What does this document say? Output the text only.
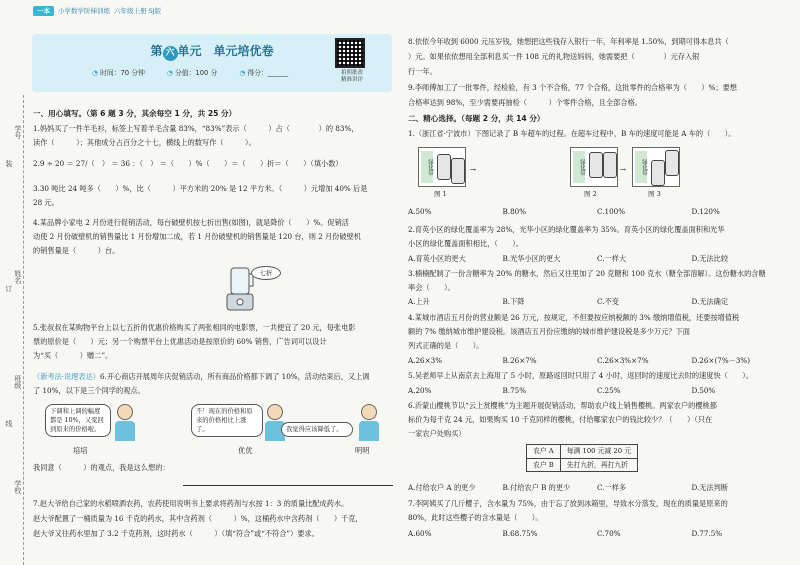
一本	小学数学阶梯训练 六年级上册 SJ版
第 六 单元　单元培优卷
◔ 时间：70 分钟	◔ 分值：100 分	◔ 得分：______	拍照批改
精准讲评
学号
姓名
班级
学校
装
订
线
一、用心填写。（第 6 题 3 分，其余每空 1 分，共 25 分）
1.妈妈买了一件羊毛衫，标签上写着羊毛含量 83%，“83%”表示（　　　）占（　　　　）的 83%，
读作（　　　）；其他成分占百分之十七，横线上的数写作（　　　）。
2.9 ÷ 20 ＝ 27/（　） ＝ 36 ：（　） ＝（　　）%（　　）＝（　　）折＝（　　）（填小数）
3.30 吨比 24 吨多（　　）%，比（　　　）平方米的 20% 是 12 平方米。（　　　）元增加 40% 后是
28 元。
4.某品牌小家电 2 月份进行促销活动，每台破壁机按七折出售(如图)，就是降价（　　）%。促销活
动使 2 月份破壁机的销售量比 1 月份增加二成，若 1 月份破壁机的销售量是 120 台，则 2 月份破壁机
的销售量是（　　　）台。
七折
5.张叔叔在某购物平台上以七五折的优惠价格购买了两张相同的电影票，一共便宜了 20 元，每张电影
票的原价是（　　）元；另一个购票平台上优惠活动是按原价的 60% 销售，广告词可以设计
为“买（　　　）赠二”。
（新考法·说理表达）6.开心商店开展周年庆促销活动，所有商品价格都下调了 10%，活动结束后，又上调
了 10%，以下是三个同学的观点。
下调和上调的幅度都是 10%，又变回到原来的价格啦。
不！现在的价格和原来的价格相比上涨了。	我觉得应该降低了。
培培	优优	明明
我同意（　　　）的观点，我是这么想的：
7.赵大爷给自己家的水稻喷洒农药，农药使用说明书上要求将药剂与水按 1：3 的质量比配成药水。
赵大爷配置了一桶质量为 16 千克的药水，其中含药剂（　　　）%，这桶药水中含药剂（　　）千克，
赵大爷又往药水里加了 3.2 千克药剂，这时药水（　　　）（填“符合”或“不符合”）要求。
8.依依今年收到 6000 元压岁钱，她想把这些钱存入银行一年，年利率是 1.50%，到期可得本息共（　　
）元。如果依依想用全部利息买一件 108 元的礼物送妈妈，她需要把（　　　　）元存入银
行一年。
9.李师傅加工了一批零件，经检验，有 3 个不合格，77 个合格，这批零件的合格率为（　　）%；要想
合格率达到 98%，至少需要再抽检（　　　）个零件合格，且全部合格。
二、精心选择。（每题 2 分，共 14 分）
1.（浙江省·宁波市）下图记录了 B 车超车的过程。在超车过程中，B 车的速度可能是 A 车的（　　）。
绿化带	→	绿化带	→	绿化带
图 1	图 2	图 3
A.50%	B.80%	C.100%	D.120%
2.育英小区的绿化覆盖率为 28%，光华小区的绿化覆盖率为 35%。育英小区的绿化覆盖面积和光华
小区的绿化覆盖面积相比，（　　）。
A.育英小区的更大	B.光华小区的更大	C.一样大	D.无法比较
3.楠楠配制了一份含糖率为 20% 的糖水，然后又往里加了 20 克糖和 100 克水（糖全部溶解）。这份糖水的含糖
率会（　　）。
A.上升	B.下降	C.不变	D.无法确定
4.某城市酒店五月份的营业额是 26 万元，按规定，不但要按应纳税额的 3% 缴纳增值税，还要按增值税
额的 7% 缴纳城市维护建设税。该酒店五月份应缴纳的城市维护建设税是多少万元？下面
列式正确的是（　　）。
A.26×3%	B.26×7%	C.26×3%×7%	D.26×(7%－3%)
5.吴老师早上从南京去上海用了 5 小时，原路返回时只用了 4 小时，返回时的速度比去时的速度快（　　）。
A.20%	B.75%	C.25%	D.50%
6.沂蒙山樱桃节以“云上赏樱桃”为主题开展促销活动，帮助农户线上销售樱桃。两家农户的樱桃都
标价为每千克 24 元，如果购买 10 千克同样的樱桃，付给哪家农户的钱比较少？（　　）（只在
一家农户处购买）
农户 A	每满 100 元减 20 元
农户 B	先打九折，再打九折
A.付给农户 A 的更少	B.付给农户 B 的更少	C.一样多	D.无法判断
7.李阿姨买了几斤樱子，含水量为 75%，由于忘了放到冰箱里，导致水分蒸发，现在的质量是原来的
80%，此时这些樱子的含水量是（　　）。
A.60%	B.68.75%	C.70%	D.77.5%
